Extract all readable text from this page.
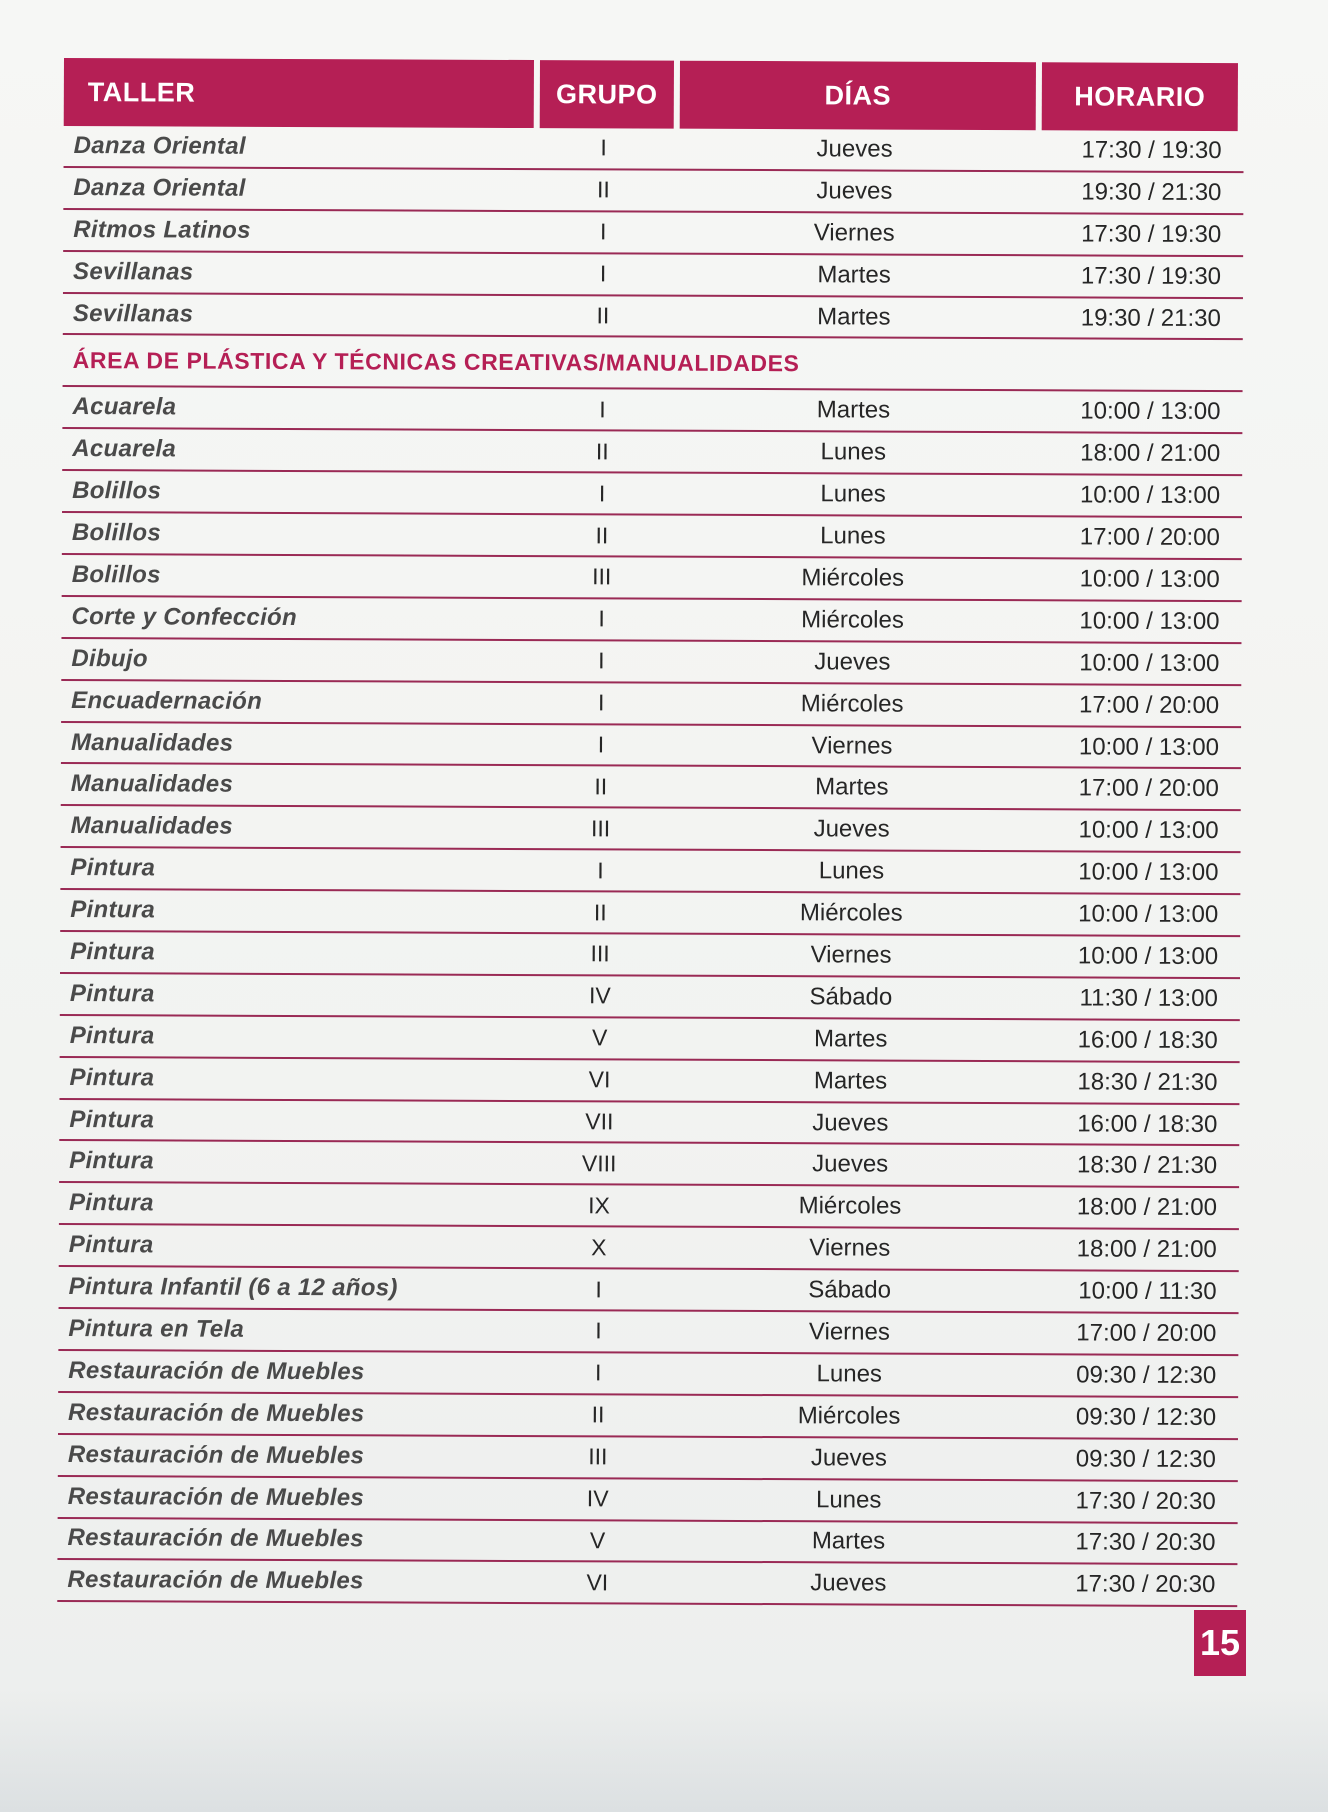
TALLER	GRUPO	DÍAS	HORARIO
Danza Oriental	I	Jueves	17:30 / 19:30
Danza Oriental	II	Jueves	19:30 / 21:30
Ritmos Latinos	I	Viernes	17:30 / 19:30
Sevillanas	I	Martes	17:30 / 19:30
Sevillanas	II	Martes	19:30 / 21:30
ÁREA DE PLÁSTICA Y TÉCNICAS CREATIVAS/MANUALIDADES
Acuarela	I	Martes	10:00 / 13:00
Acuarela	II	Lunes	18:00 / 21:00
Bolillos	I	Lunes	10:00 / 13:00
Bolillos	II	Lunes	17:00 / 20:00
Bolillos	III	Miércoles	10:00 / 13:00
Corte y Confección	I	Miércoles	10:00 / 13:00
Dibujo	I	Jueves	10:00 / 13:00
Encuadernación	I	Miércoles	17:00 / 20:00
Manualidades	I	Viernes	10:00 / 13:00
Manualidades	II	Martes	17:00 / 20:00
Manualidades	III	Jueves	10:00 / 13:00
Pintura	I	Lunes	10:00 / 13:00
Pintura	II	Miércoles	10:00 / 13:00
Pintura	III	Viernes	10:00 / 13:00
Pintura	IV	Sábado	11:30 / 13:00
Pintura	V	Martes	16:00 / 18:30
Pintura	VI	Martes	18:30 / 21:30
Pintura	VII	Jueves	16:00 / 18:30
Pintura	VIII	Jueves	18:30 / 21:30
Pintura	IX	Miércoles	18:00 / 21:00
Pintura	X	Viernes	18:00 / 21:00
Pintura Infantil (6 a 12 años)	I	Sábado	10:00 / 11:30
Pintura en Tela	I	Viernes	17:00 / 20:00
Restauración de Muebles	I	Lunes	09:30 / 12:30
Restauración de Muebles	II	Miércoles	09:30 / 12:30
Restauración de Muebles	III	Jueves	09:30 / 12:30
Restauración de Muebles	IV	Lunes	17:30 / 20:30
Restauración de Muebles	V	Martes	17:30 / 20:30
Restauración de Muebles	VI	Jueves	17:30 / 20:30
15
